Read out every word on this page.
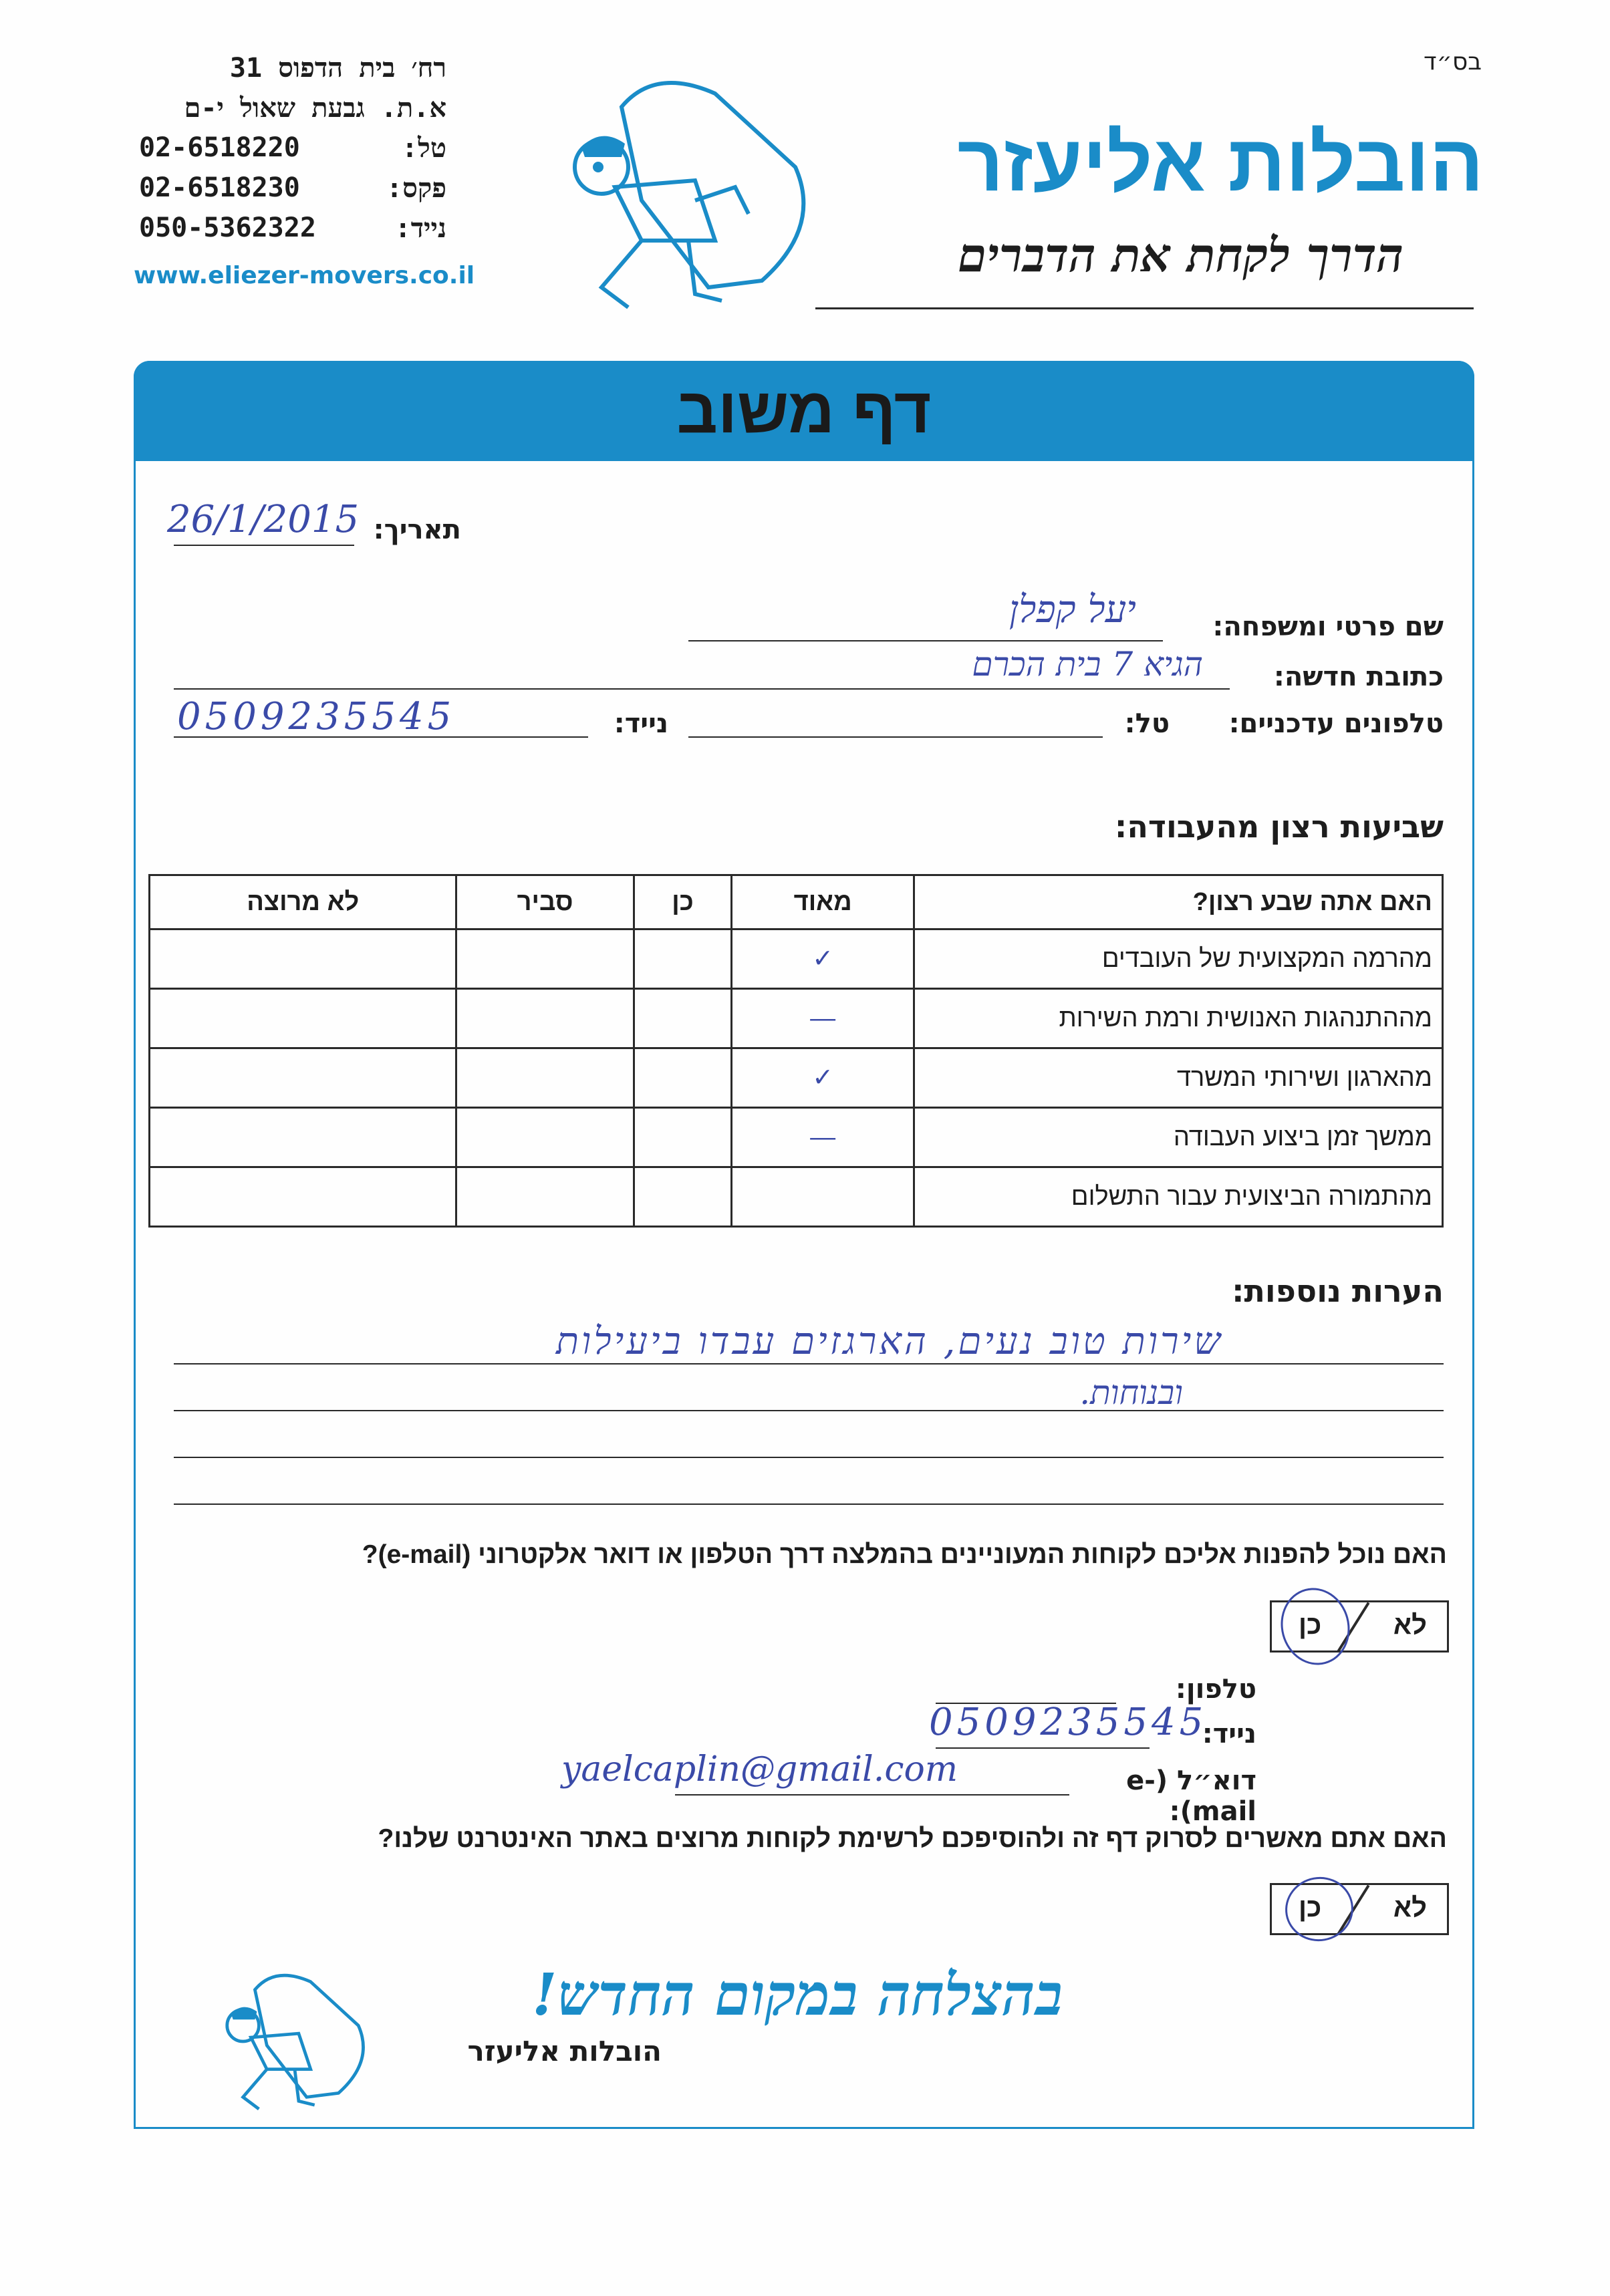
בס״ד
רח׳ בית הדפוס 31
א.ת. גבעת שאול י-ם
02-6518220	טל:
02-6518230	פקס:
050-5362322	נייד:
www.eliezer-movers.co.il
הובלות אליעזר
הדרך לקחת את הדברים
דף משוב
תאריך:
26/1/2015
שם פרטי ומשפחה:
יעל קפלן
כתובת חדשה:
הגיא 7 בית הכרם
טלפונים עדכניים:
טל:
נייד:
0509235545
שביעות רצון מהעבודה:
האם אתה שבע רצון?	מאוד	כן	סביר	לא מרוצה
מהרמה המקצועית של העובדים	✓			
מההתנהגות האנושית ורמת השירות	—			
מהארגון ושירותי המשרד	✓			
ממשך זמן ביצוע העבודה	—			
מהתמורה הביצועית עבור התשלום				
הערות נוספות:
שירות טוב נעים, הארגזים עבדו ביעילות
ובנוחות.
האם נוכל להפנות אליכם לקוחות המעוניינים בהמלצה דרך הטלפון או דואר אלקטרוני (e-mail)?
לא
כן
טלפון:
נייד:
0509235545
דוא״ל (e-mail):
yaelcaplin@gmail.com
האם אתם מאשרים לסרוק דף זה ולהוסיפכם לרשימת לקוחות מרוצים באתר האינטרנט שלנו?
לא
כן
בהצלחה במקום החדש!
הובלות אליעזר
